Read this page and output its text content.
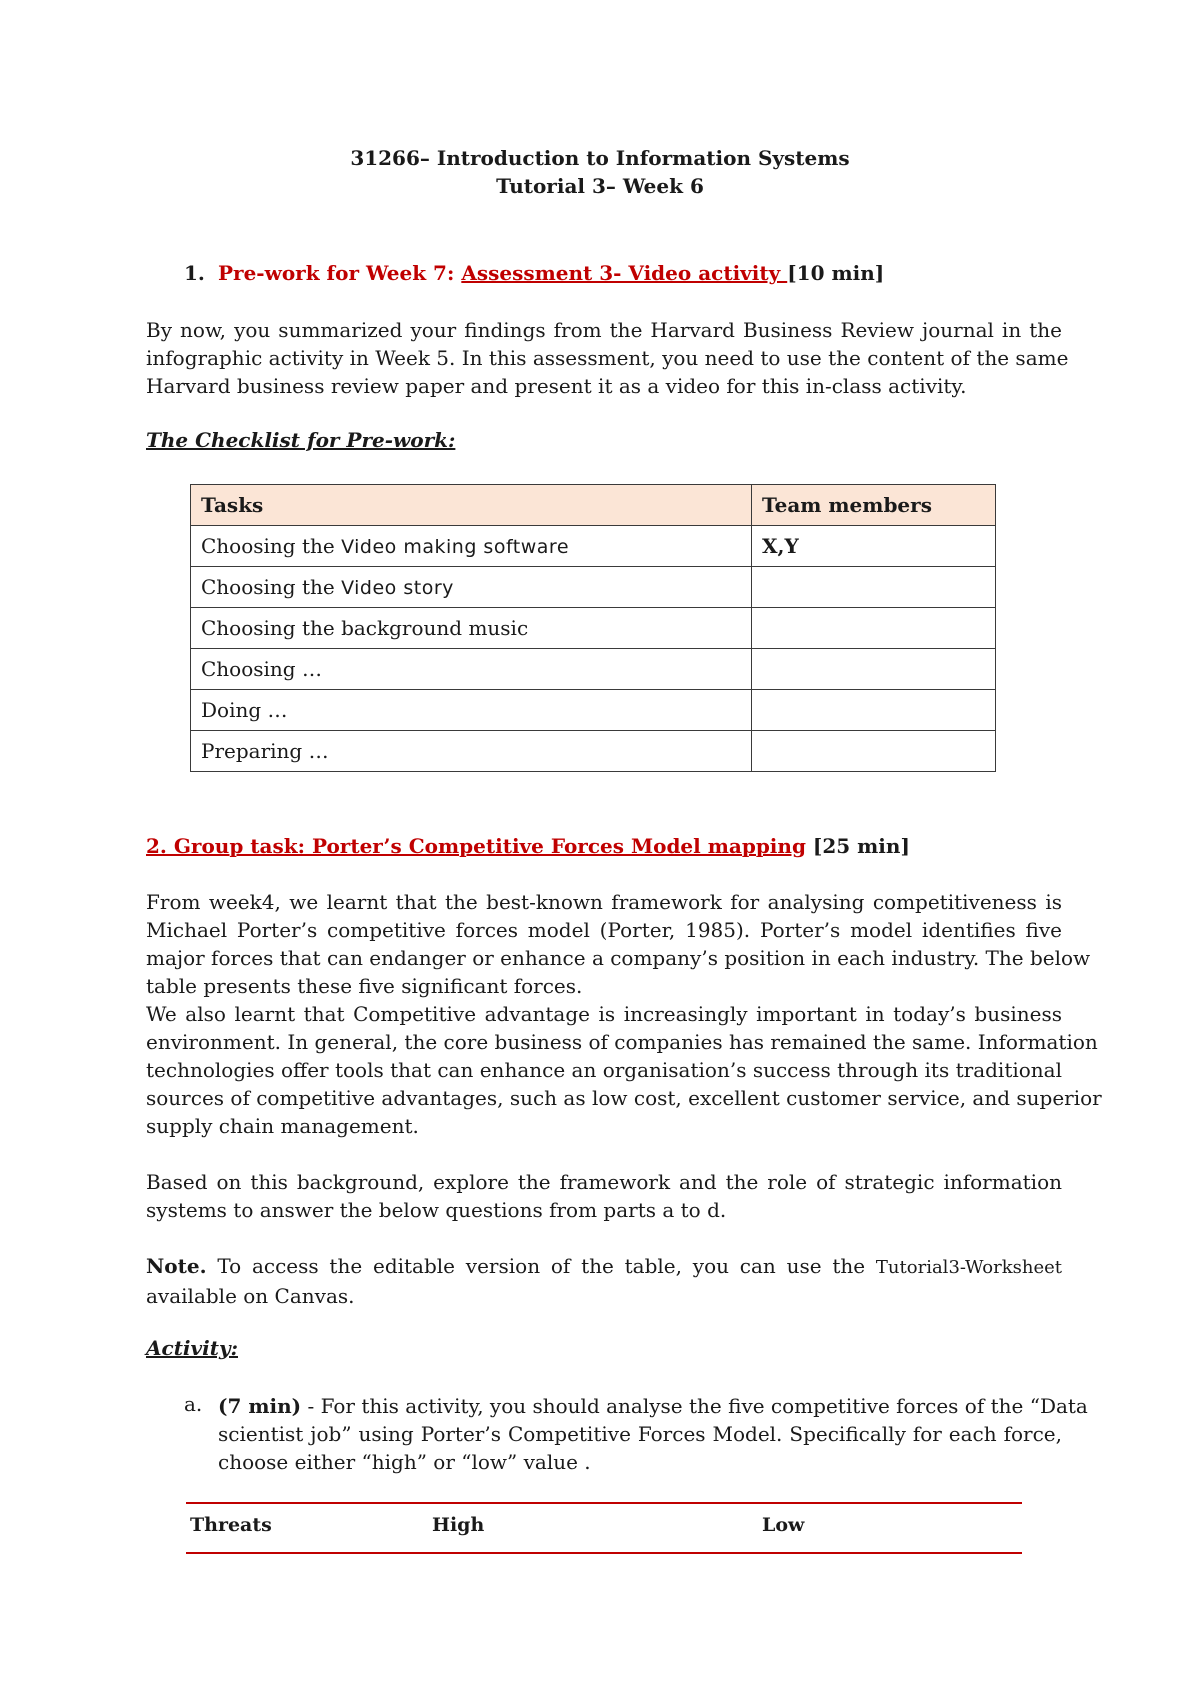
31266– Introduction to Information Systems
Tutorial 3– Week 6
1. Pre-work for Week 7: Assessment 3- Video activity [10 min]
By now, you summarized your findings from the Harvard Business Review journal in the
infographic activity in Week 5. In this assessment, you need to use the content of the same
Harvard business review paper and present it as a video for this in-class activity.
The Checklist for Pre-work:
Tasks	Team members
Choosing the Video making software	X,Y
Choosing the Video story	
Choosing the background music	
Choosing …	
Doing …	
Preparing …	
2. Group task: Porter’s Competitive Forces Model mapping [25 min]
From week4, we learnt that the best-known framework for analysing competitiveness is
Michael Porter’s competitive forces model (Porter, 1985). Porter’s model identifies five
major forces that can endanger or enhance a company’s position in each industry. The below
table presents these five significant forces.
We also learnt that Competitive advantage is increasingly important in today’s business
environment. In general, the core business of companies has remained the same. Information
technologies offer tools that can enhance an organisation’s success through its traditional
sources of competitive advantages, such as low cost, excellent customer service, and superior
supply chain management.
Based on this background, explore the framework and the role of strategic information
systems to answer the below questions from parts a to d.
Note. To access the editable version of the table, you can use the Tutorial3-Worksheet
available on Canvas.
Activity:
a. (7 min) - For this activity, you should analyse the five competitive forces of the “Data
scientist job” using Porter’s Competitive Forces Model. Specifically for each force,
choose either “high” or “low” value .
Threats	High	Low
